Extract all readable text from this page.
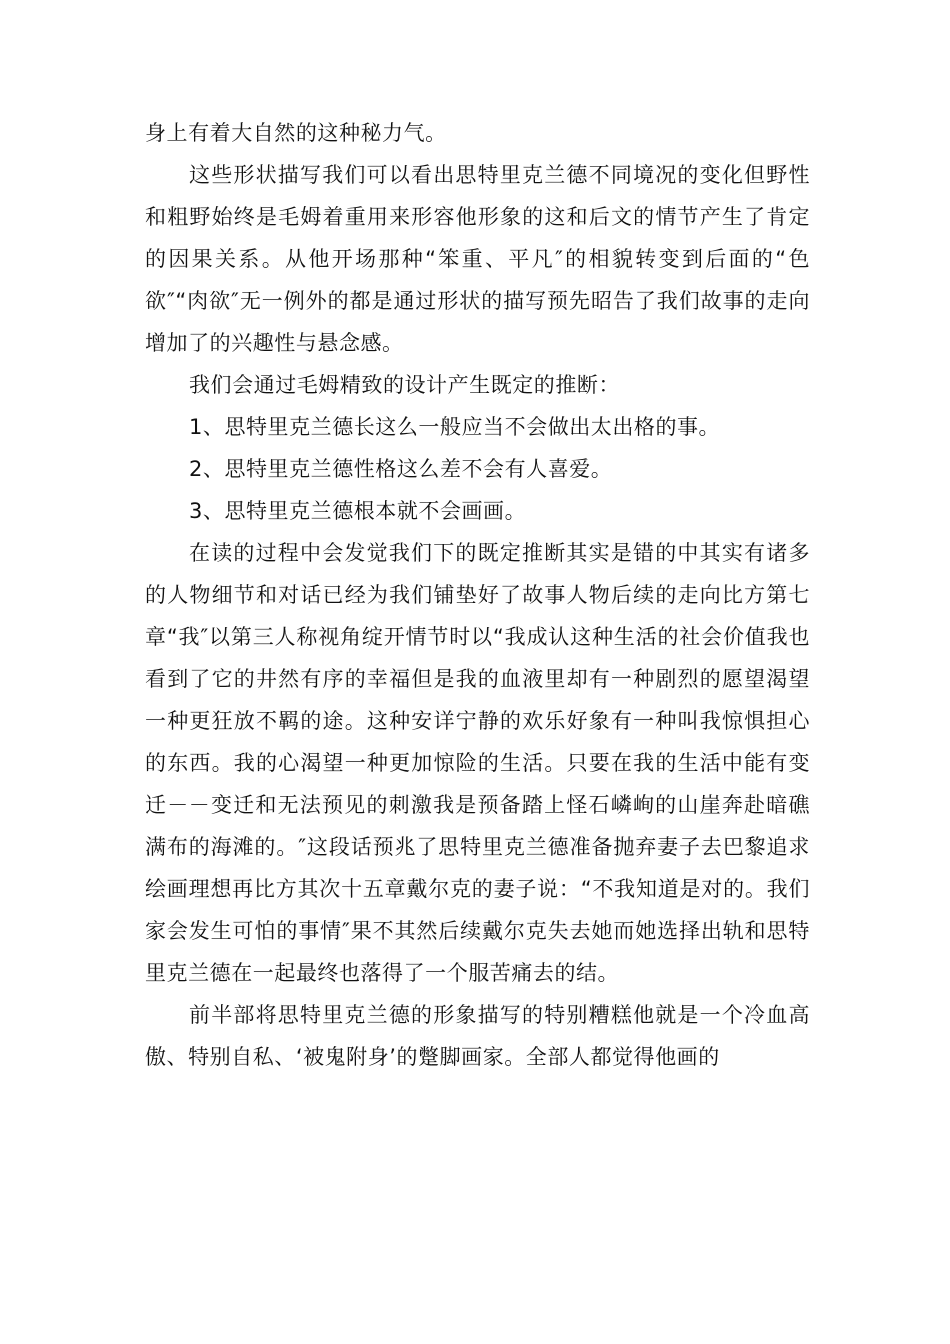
身上有着大自然的这种秘力气。

这些形状描写我们可以看出思特里克兰德不同境况的变化但野性和粗野始终是毛姆着重用来形容他形象的这和后文的情节产生了肯定的因果关系。从他开场那种“笨重、平凡″的相貌转变到后面的“色欲″“肉欲″无一例外的都是通过形状的描写预先昭告了我们故事的走向增加了的兴趣性与悬念感。

我们会通过毛姆精致的设计产生既定的推断：

1、思特里克兰德长这么一般应当不会做出太出格的事。

2、思特里克兰德性格这么差不会有人喜爱。

3、思特里克兰德根本就不会画画。

在读的过程中会发觉我们下的既定推断其实是错的中其实有诸多的人物细节和对话已经为我们铺垫好了故事人物后续的走向比方第七章“我″以第三人称视角绽开情节时以“我成认这种生活的社会价值我也看到了它的井然有序的幸福但是我的血液里却有一种剧烈的愿望渴望一种更狂放不羁的途。这种安详宁静的欢乐好象有一种叫我惊惧担心的东西。我的心渴望一种更加惊险的生活。只要在我的生活中能有变迁－－变迁和无法预见的刺激我是预备踏上怪石嶙峋的山崖奔赴暗礁满布的海滩的。″这段话预兆了思特里克兰德准备抛弃妻子去巴黎追求绘画理想再比方其次十五章戴尔克的妻子说：“不我知道是对的。我们家会发生可怕的事情″果不其然后续戴尔克失去她而她选择出轨和思特里克兰德在一起最终也落得了一个服苦痛去的结。

前半部将思特里克兰德的形象描写的特别糟糕他就是一个冷血高傲、特别自私、‘被鬼附身’的蹩脚画家。全部人都觉得他画的
